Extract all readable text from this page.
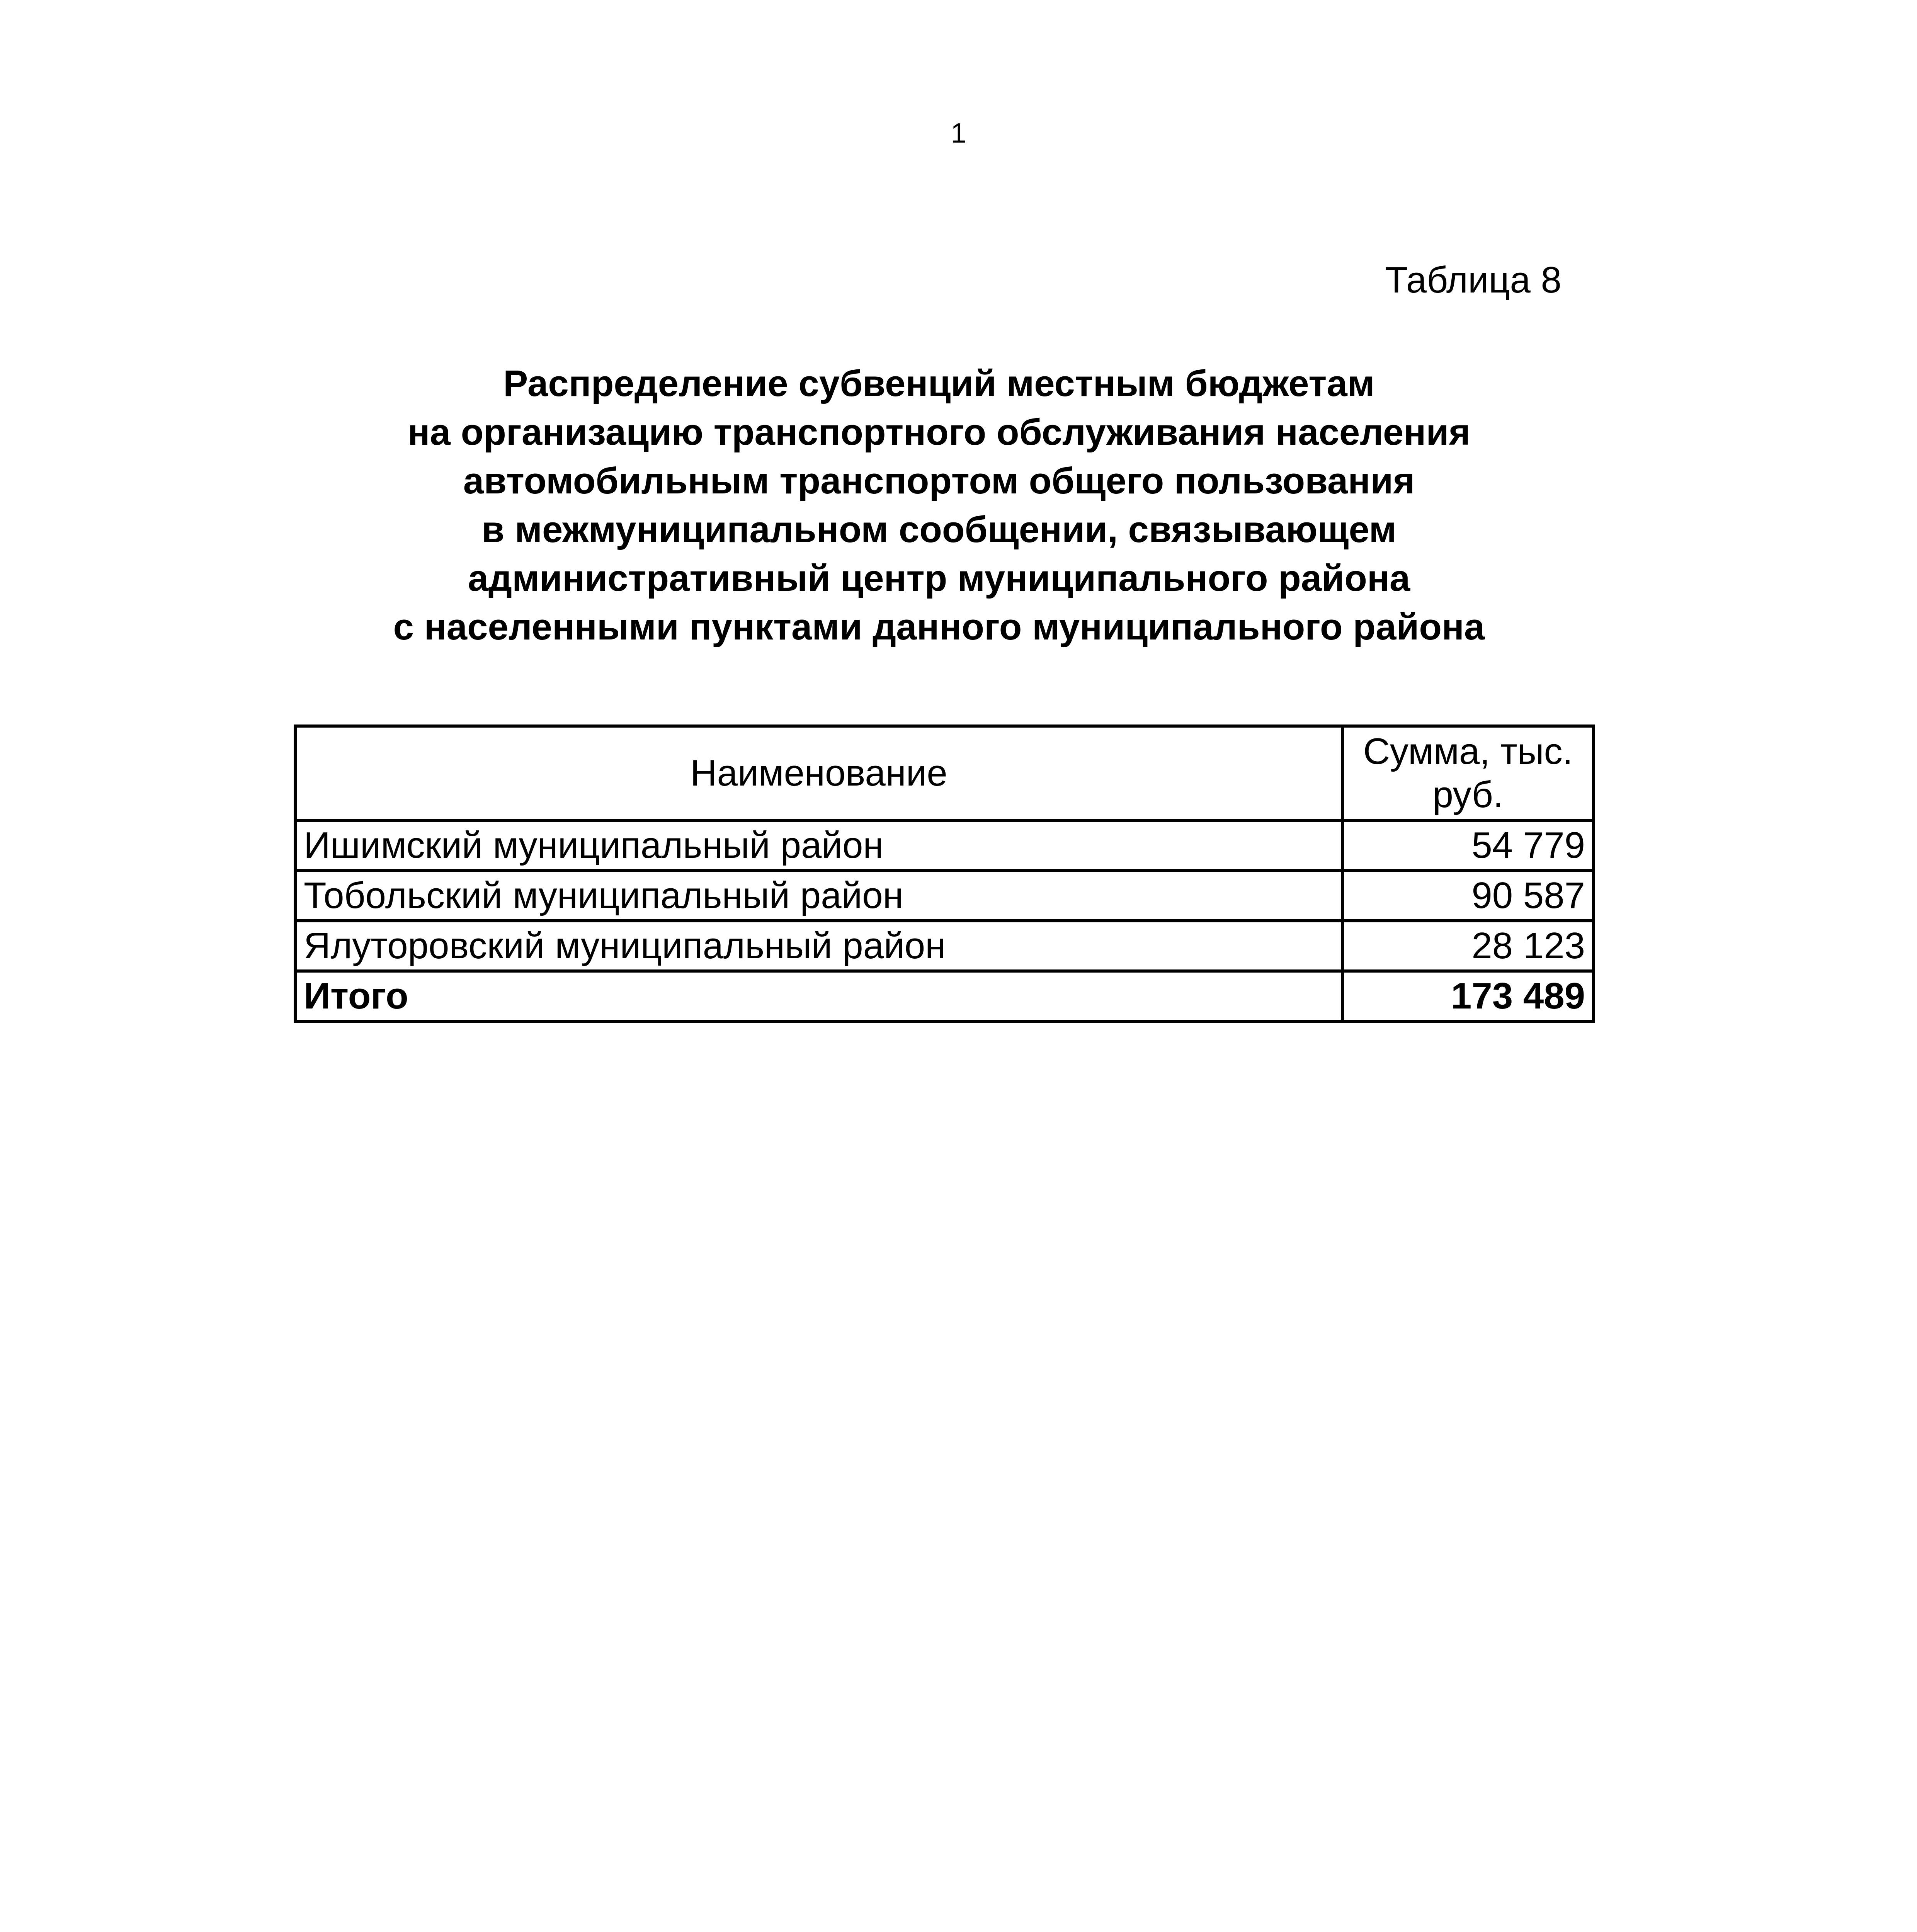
1
Таблица 8
Распределение субвенций местным бюджетам
на организацию транспортного обслуживания населения
автомобильным транспортом общего пользования
в межмуниципальном сообщении, связывающем
административный центр муниципального района
с населенными пунктами данного муниципального района
Наименование	Сумма, тыс. руб.
Ишимский муниципальный район	54 779
Тобольский муниципальный район	90 587
Ялуторовский муниципальный район	28 123
Итого	173 489
